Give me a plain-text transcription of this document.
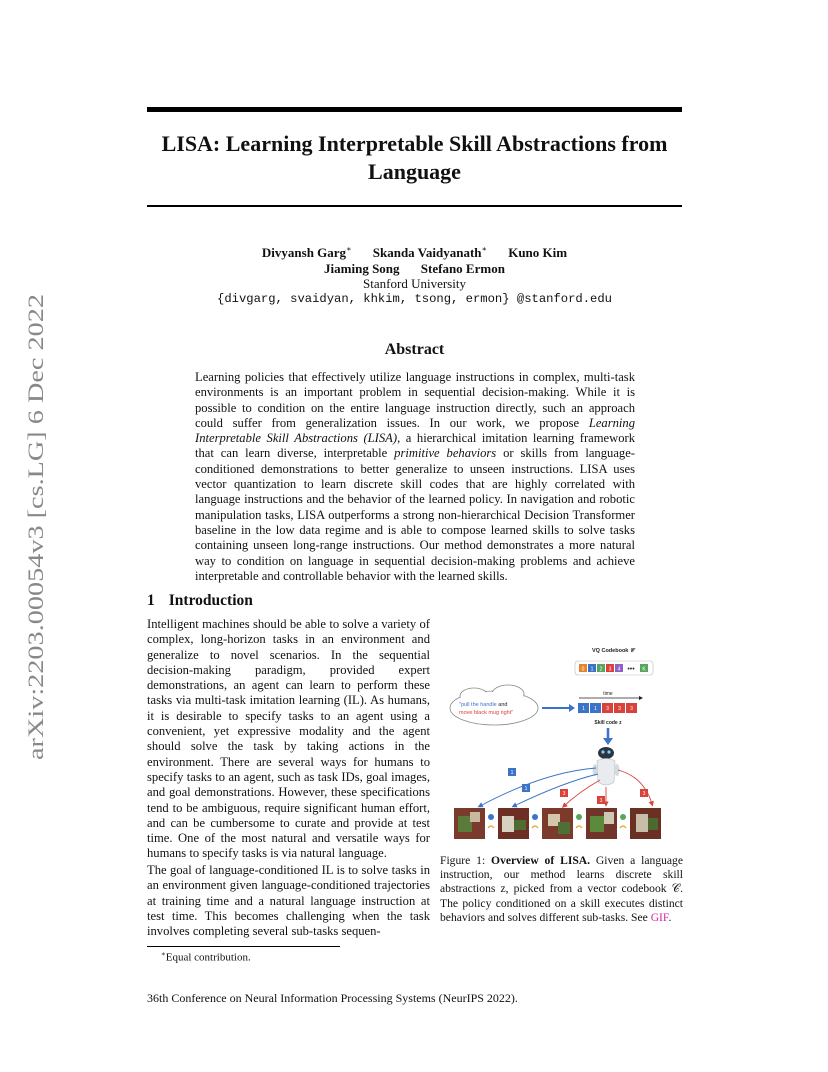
arXiv:2203.00054v3 [cs.LG] 6 Dec 2022
LISA: Learning Interpretable Skill Abstractions from
Language
Divyansh Garg∗ Skanda Vaidyanath∗ Kuno Kim
Jiaming Song Stefano Ermon
Stanford University
{divgarg, svaidyan, khkim, tsong, ermon} @stanford.edu
Abstract
Learning policies that effectively utilize language instructions in complex, multi-task environments is an important problem in sequential decision-making. While it is possible to condition on the entire language instruction directly, such an approach could suffer from generalization issues. In our work, we propose Learning Interpretable Skill Abstractions (LISA), a hierarchical imitation learning framework that can learn diverse, interpretable primitive behaviors or skills from language-conditioned demonstrations to better generalize to unseen instructions. LISA uses vector quantization to learn discrete skill codes that are highly correlated with language instructions and the behavior of the learned policy. In navigation and robotic manipulation tasks, LISA outperforms a strong non-hierarchical Decision Transformer baseline in the low data regime and is able to compose learned skills to solve tasks containing unseen long-range instructions. Our method demonstrates a more natural way to condition on language in sequential decision-making problems and achieve interpretable and controllable behavior with the learned skills.
1 Introduction
Intelligent machines should be able to solve a variety of complex, long-horizon tasks in an environment and generalize to novel scenarios. In the sequential decision-making paradigm, provided expert demonstrations, an agent can learn to perform these tasks via multi-task imitation learning (IL). As humans, it is desirable to specify tasks to an agent using a convenient, yet expressive modality and the agent should solve the task by taking actions in the environment. There are several ways for humans to specify tasks to an agent, such as task IDs, goal images, and goal demonstrations. However, these specifications tend to be ambiguous, require significant human effort, and can be cumbersome to curate and provide at test time. One of the most natural and versatile ways for humans to specify tasks is via natural language.
The goal of language-conditioned IL is to solve tasks in an environment given language-conditioned trajectories at training time and a natural language instruction at test time. This becomes challenging when the task involves completing several sub-tasks sequen-
VQ Codebook 𝒞
0 1 2 3 4 ••• K
time
1 1 3 3 3
Skill code z
"pull the handle and
move black mug right"
1
1
3
3
3
Figure 1: Overview of LISA. Given a language instruction, our method learns discrete skill abstractions z, picked from a vector codebook 𝒞. The policy conditioned on a skill executes distinct behaviors and solves different sub-tasks. See GIF.
∗Equal contribution.
36th Conference on Neural Information Processing Systems (NeurIPS 2022).
